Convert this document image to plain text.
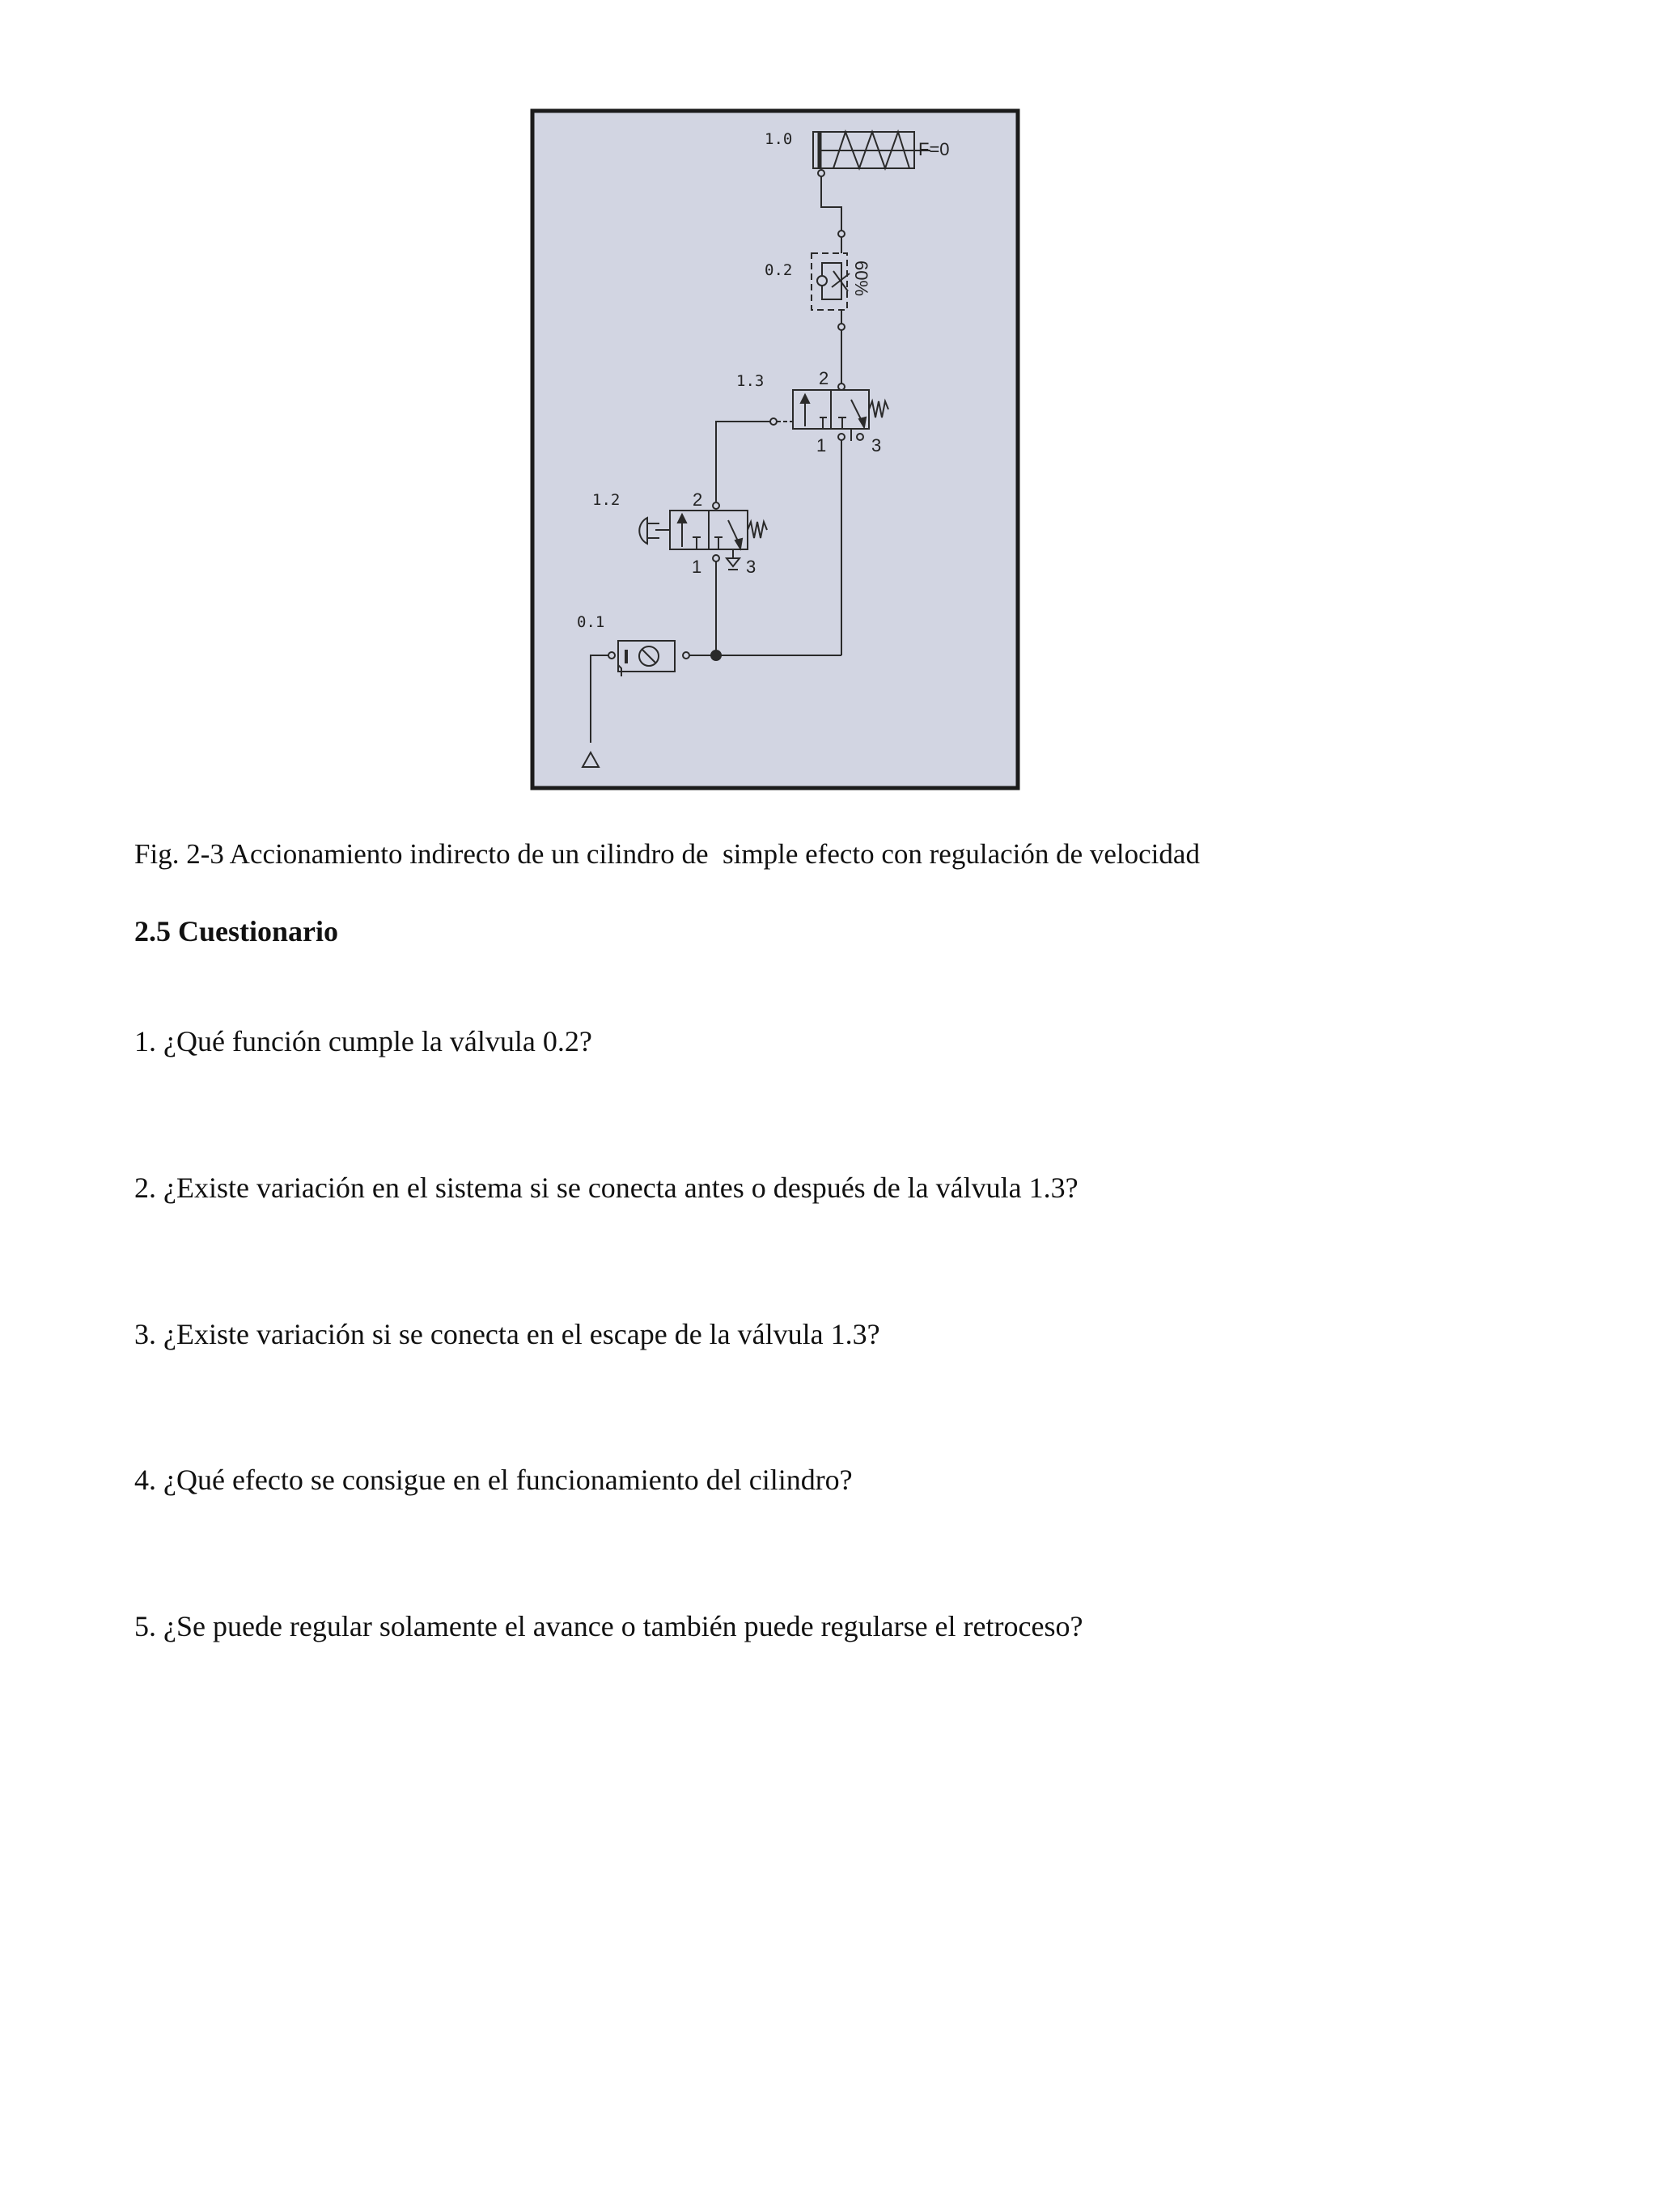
1.0	F=0
0.2	60%
1.3	2
1	3
1.2	2
1 3
0.1
Fig. 2-3 Accionamiento indirecto de un cilindro de  simple efecto con regulación de velocidad
2.5 Cuestionario
1. ¿Qué función cumple la válvula 0.2?
2. ¿Existe variación en el sistema si se conecta antes o después de la válvula 1.3?
3. ¿Existe variación si se conecta en el escape de la válvula 1.3?
4. ¿Qué efecto se consigue en el funcionamiento del cilindro?
5. ¿Se puede regular solamente el avance o también puede regularse el retroceso?
